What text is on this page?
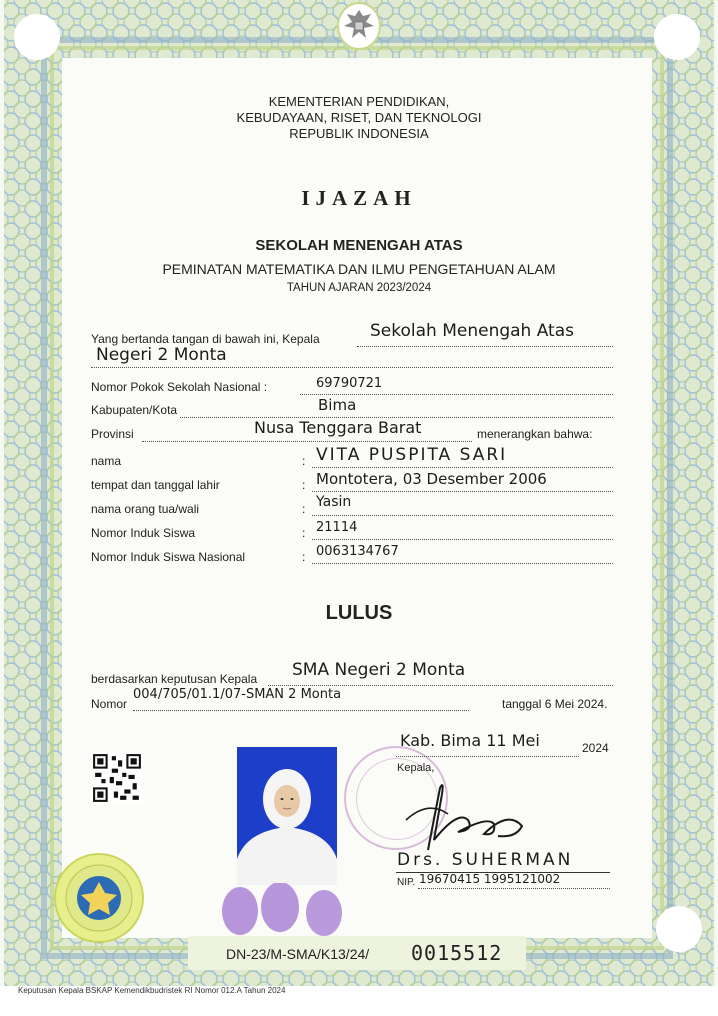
KEMENTERIAN PENDIDIKAN,
KEBUDAYAAN, RISET, DAN TEKNOLOGI
REPUBLIK INDONESIA
IJAZAH
SEKOLAH MENENGAH ATAS
PEMINATAN MATEMATIKA DAN ILMU PENGETAHUAN ALAM
TAHUN AJARAN 2023/2024
Yang bertanda tangan di bawah ini, Kepala	Sekolah Menengah Atas
Negeri 2 Monta
Nomor Pokok Sekolah Nasional :	69790721
Kabupaten/Kota	Bima
Provinsi	Nusa Tenggara Barat	menerangkan bahwa:
nama	: VITA PUSPITA SARI
tempat dan tanggal lahir	: Montotera, 03 Desember 2006
nama orang tua/wali	: Yasin
Nomor Induk Siswa	: 21114
Nomor Induk Siswa Nasional	: 0063134767
LULUS
berdasarkan keputusan Kepala SMA Negeri 2 Monta
Nomor
004/705/01.1/07-SMAN 2 Monta
tanggal 6 Mei 2024.
Kab. Bima 11 Mei	2024
Kepala,
Drs. SUHERMAN
NIP. 19670415 1995121002
DN-23/M-SMA/K13/24/ 0015512
Keputusan Kepala BSKAP Kemendikbudristek RI Nomor 012.A Tahun 2024
